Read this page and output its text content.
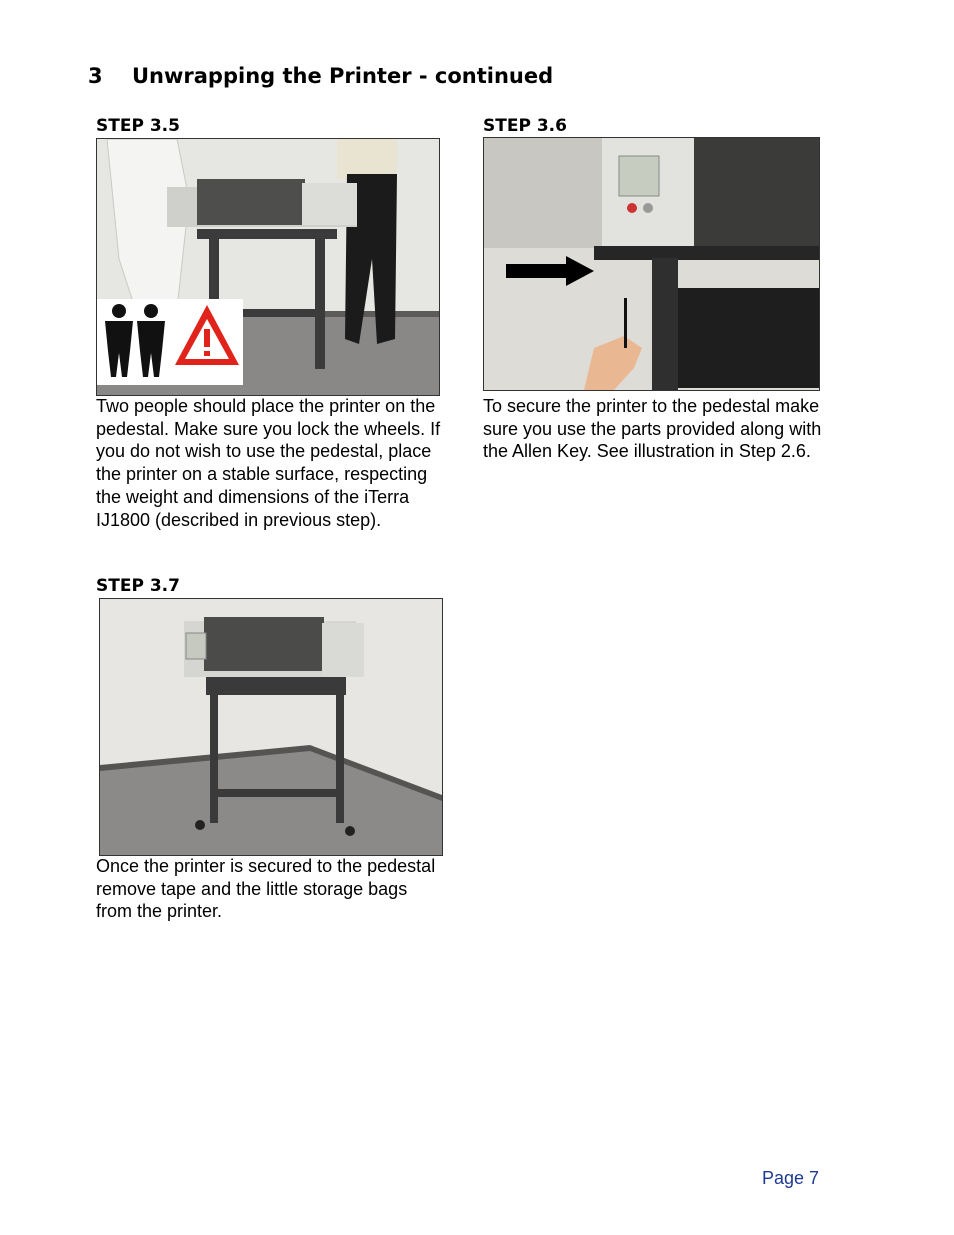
3 Unwrapping the Printer - continued
STEP 3.5

Two people should place the printer on the pedestal. Make sure you lock the wheels. If you do not wish to use the pedestal, place the printer on a stable surface, respecting the weight and dimensions of the iTerra IJ1800 (described in previous step).

STEP 3.6

To secure the printer to the pedestal make sure you use the parts provided along with the Allen Key. See illustration in Step 2.6.

STEP 3.7

Once the printer is secured to the pedestal remove tape and the little storage bags from the printer.

Page 7
